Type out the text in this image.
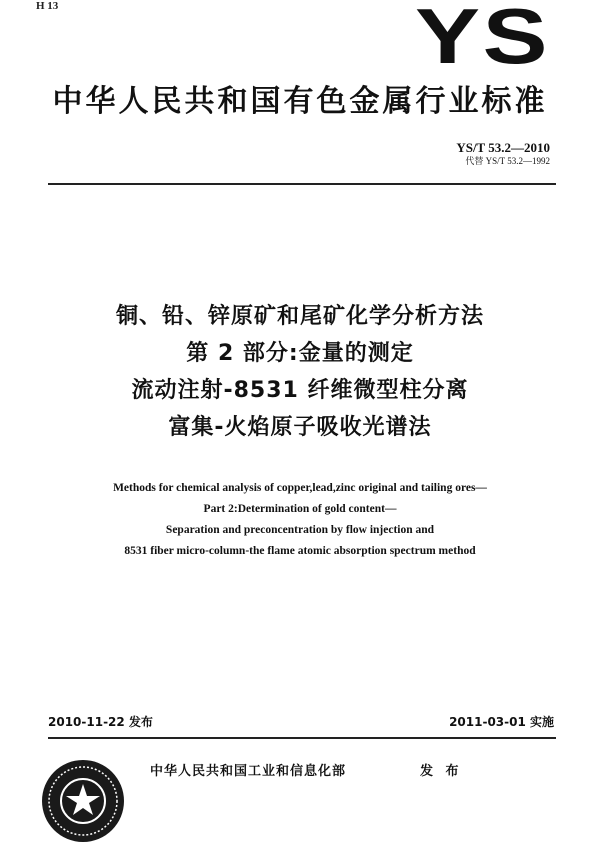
H 13	YS
中华人民共和国有色金属行业标准
YS/T 53.2—2010
代替 YS/T 53.2—1992
铜、铅、锌原矿和尾矿化学分析方法
第 2 部分:金量的测定
流动注射-8531 纤维微型柱分离
富集-火焰原子吸收光谱法
Methods for chemical analysis of copper,lead,zinc original and tailing ores—
Part 2:Determination of gold content—
Separation and preconcentration by flow injection and
8531 fiber micro-column-the flame atomic absorption spectrum method
2010-11-22 发布	2011-03-01 实施
中华人民共和国工业和信息化部	发 布
